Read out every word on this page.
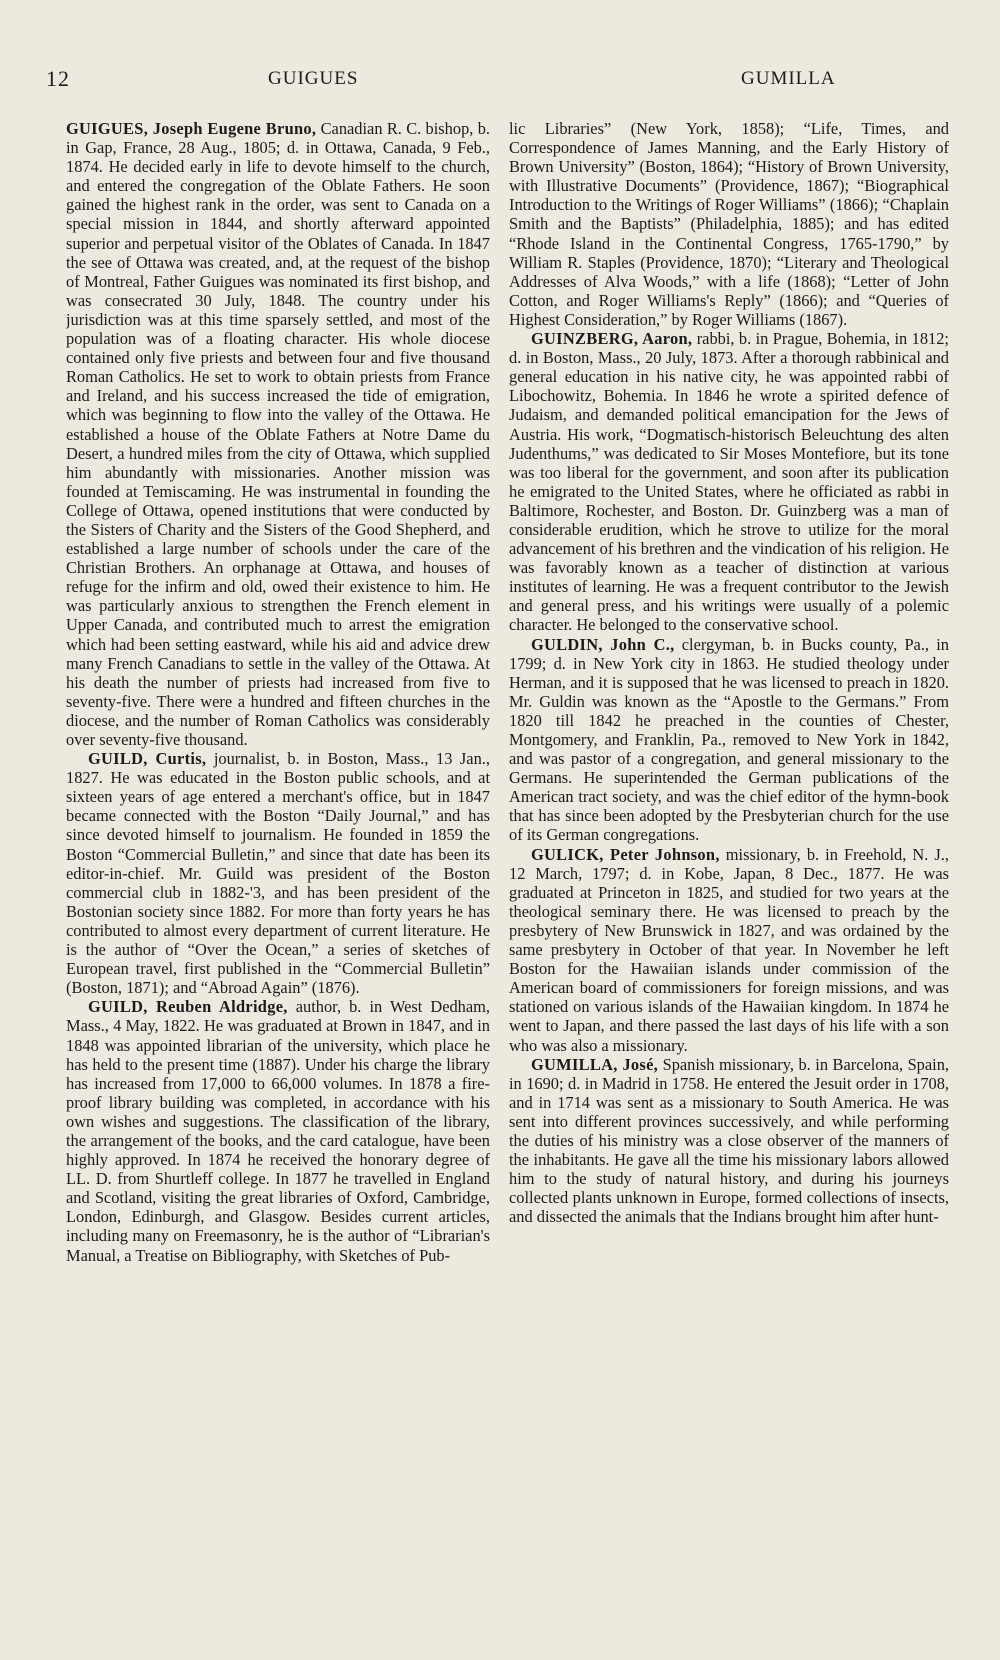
12	GUIGUES	GUMILLA

GUIGUES, Joseph Eugene Bruno, Canadian R. C. bishop, b. in Gap, France, 28 Aug., 1805; d. in Ottawa, Canada, 9 Feb., 1874. He decided early in life to devote himself to the church, and entered the congregation of the Oblate Fathers. He soon gained the highest rank in the order, was sent to Canada on a special mission in 1844, and shortly afterward appointed superior and perpetual visitor of the Oblates of Canada. In 1847 the see of Ottawa was created, and, at the request of the bishop of Montreal, Father Guigues was nominated its first bishop, and was consecrated 30 July, 1848. The country under his jurisdiction was at this time sparsely settled, and most of the population was of a floating character. His whole diocese contained only five priests and between four and five thousand Roman Catholics. He set to work to obtain priests from France and Ireland, and his success increased the tide of emigration, which was beginning to flow into the valley of the Ottawa. He established a house of the Oblate Fathers at Notre Dame du Desert, a hundred miles from the city of Ottawa, which supplied him abundantly with missionaries. Another mission was founded at Temiscaming. He was instrumental in founding the College of Ottawa, opened institutions that were conducted by the Sisters of Charity and the Sisters of the Good Shepherd, and established a large number of schools under the care of the Christian Brothers. An orphanage at Ottawa, and houses of refuge for the infirm and old, owed their existence to him. He was particularly anxious to strengthen the French element in Upper Canada, and contributed much to arrest the emigration which had been setting eastward, while his aid and advice drew many French Canadians to settle in the valley of the Ottawa. At his death the number of priests had increased from five to seventy-five. There were a hundred and fifteen churches in the diocese, and the number of Roman Catholics was considerably over seventy-five thousand.

GUILD, Curtis, journalist, b. in Boston, Mass., 13 Jan., 1827. He was educated in the Boston public schools, and at sixteen years of age entered a merchant's office, but in 1847 became connected with the Boston “Daily Journal,” and has since devoted himself to journalism. He founded in 1859 the Boston “Commercial Bulletin,” and since that date has been its editor-in-chief. Mr. Guild was president of the Boston commercial club in 1882-'3, and has been president of the Bostonian society since 1882. For more than forty years he has contributed to almost every department of current literature. He is the author of “Over the Ocean,” a series of sketches of European travel, first published in the “Commercial Bulletin” (Boston, 1871); and “Abroad Again” (1876).

GUILD, Reuben Aldridge, author, b. in West Dedham, Mass., 4 May, 1822. He was graduated at Brown in 1847, and in 1848 was appointed librarian of the university, which place he has held to the present time (1887). Under his charge the library has increased from 17,000 to 66,000 volumes. In 1878 a fire-proof library building was completed, in accordance with his own wishes and suggestions. The classification of the library, the arrangement of the books, and the card catalogue, have been highly approved. In 1874 he received the honorary degree of LL. D. from Shurtleff college. In 1877 he travelled in England and Scotland, visiting the great libraries of Oxford, Cambridge, London, Edinburgh, and Glasgow. Besides current articles, including many on Freemasonry, he is the author of “Librarian's Manual, a Treatise on Bibliography, with Sketches of Pub-

lic Libraries” (New York, 1858); “Life, Times, and Correspondence of James Manning, and the Early History of Brown University” (Boston, 1864); “History of Brown University, with Illustrative Documents” (Providence, 1867); “Biographical Introduction to the Writings of Roger Williams” (1866); “Chaplain Smith and the Baptists” (Philadelphia, 1885); and has edited “Rhode Island in the Continental Congress, 1765-1790,” by William R. Staples (Providence, 1870); “Literary and Theological Addresses of Alva Woods,” with a life (1868); “Letter of John Cotton, and Roger Williams's Reply” (1866); and “Queries of Highest Consideration,” by Roger Williams (1867).

GUINZBERG, Aaron, rabbi, b. in Prague, Bohemia, in 1812; d. in Boston, Mass., 20 July, 1873. After a thorough rabbinical and general education in his native city, he was appointed rabbi of Libochowitz, Bohemia. In 1846 he wrote a spirited defence of Judaism, and demanded political emancipation for the Jews of Austria. His work, “Dogmatisch-historisch Beleuchtung des alten Judenthums,” was dedicated to Sir Moses Montefiore, but its tone was too liberal for the government, and soon after its publication he emigrated to the United States, where he officiated as rabbi in Baltimore, Rochester, and Boston. Dr. Guinzberg was a man of considerable erudition, which he strove to utilize for the moral advancement of his brethren and the vindication of his religion. He was favorably known as a teacher of distinction at various institutes of learning. He was a frequent contributor to the Jewish and general press, and his writings were usually of a polemic character. He belonged to the conservative school.

GULDIN, John C., clergyman, b. in Bucks county, Pa., in 1799; d. in New York city in 1863. He studied theology under Herman, and it is supposed that he was licensed to preach in 1820. Mr. Guldin was known as the “Apostle to the Germans.” From 1820 till 1842 he preached in the counties of Chester, Montgomery, and Franklin, Pa., removed to New York in 1842, and was pastor of a congregation, and general missionary to the Germans. He superintended the German publications of the American tract society, and was the chief editor of the hymn-book that has since been adopted by the Presbyterian church for the use of its German congregations.

GULICK, Peter Johnson, missionary, b. in Freehold, N. J., 12 March, 1797; d. in Kobe, Japan, 8 Dec., 1877. He was graduated at Princeton in 1825, and studied for two years at the theological seminary there. He was licensed to preach by the presbytery of New Brunswick in 1827, and was ordained by the same presbytery in October of that year. In November he left Boston for the Hawaiian islands under commission of the American board of commissioners for foreign missions, and was stationed on various islands of the Hawaiian kingdom. In 1874 he went to Japan, and there passed the last days of his life with a son who was also a missionary.

GUMILLA, José, Spanish missionary, b. in Barcelona, Spain, in 1690; d. in Madrid in 1758. He entered the Jesuit order in 1708, and in 1714 was sent as a missionary to South America. He was sent into different provinces successively, and while performing the duties of his ministry was a close observer of the manners of the inhabitants. He gave all the time his missionary labors allowed him to the study of natural history, and during his journeys collected plants unknown in Europe, formed collections of insects, and dissected the animals that the Indians brought him after hunt-
